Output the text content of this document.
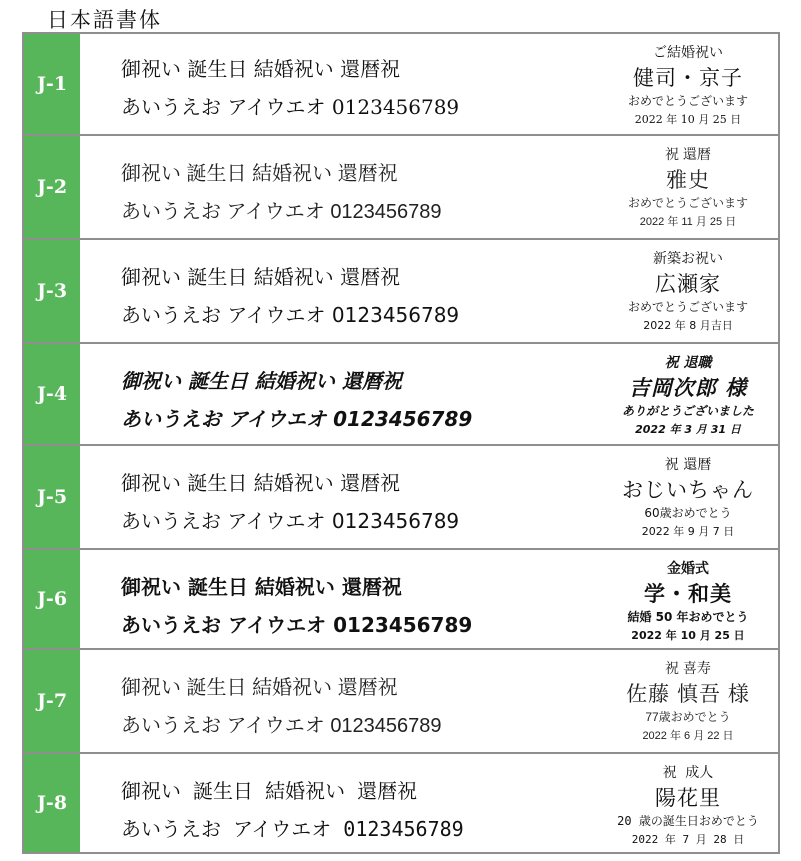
日本語書体
J-1
御祝い 誕生日 結婚祝い 還暦祝
あいうえお アイウエオ 0123456789
ご結婚祝い
健司・京子
おめでとうございます
2022 年 10 月 25 日
J-2
御祝い 誕生日 結婚祝い 還暦祝
あいうえお アイウエオ 0123456789
祝 還暦
雅史
おめでとうございます
2022 年 11 月 25 日
J-3
御祝い 誕生日 結婚祝い 還暦祝
あいうえお アイウエオ 0123456789
新築お祝い
広瀬家
おめでとうございます
2022 年 8 月吉日
J-4
御祝い 誕生日 結婚祝い 還暦祝
あいうえお アイウエオ 0123456789
祝 退職
吉岡次郎 様
ありがとうございました
2022 年 3 月 31 日
J-5
御祝い 誕生日 結婚祝い 還暦祝
あいうえお アイウエオ 0123456789
祝 還暦
おじいちゃん
60歳おめでとう
2022 年 9 月 7 日
J-6	御祝い 誕生日 結婚祝い 還暦祝
あいうえお アイウエオ 0123456789
金婚式
学・和美
結婚 50 年おめでとう
2022 年 10 月 25 日
J-7
御祝い 誕生日 結婚祝い 還暦祝
あいうえお アイウエオ 0123456789
祝 喜寿
佐藤 慎吾 様
77歳おめでとう
2022 年 6 月 22 日
J-8	御祝い 誕生日 結婚祝い 還暦祝
あいうえお アイウエオ 0123456789
祝 成人
陽花里
20 歳の誕生日おめでとう
2022 年 7 月 28 日
